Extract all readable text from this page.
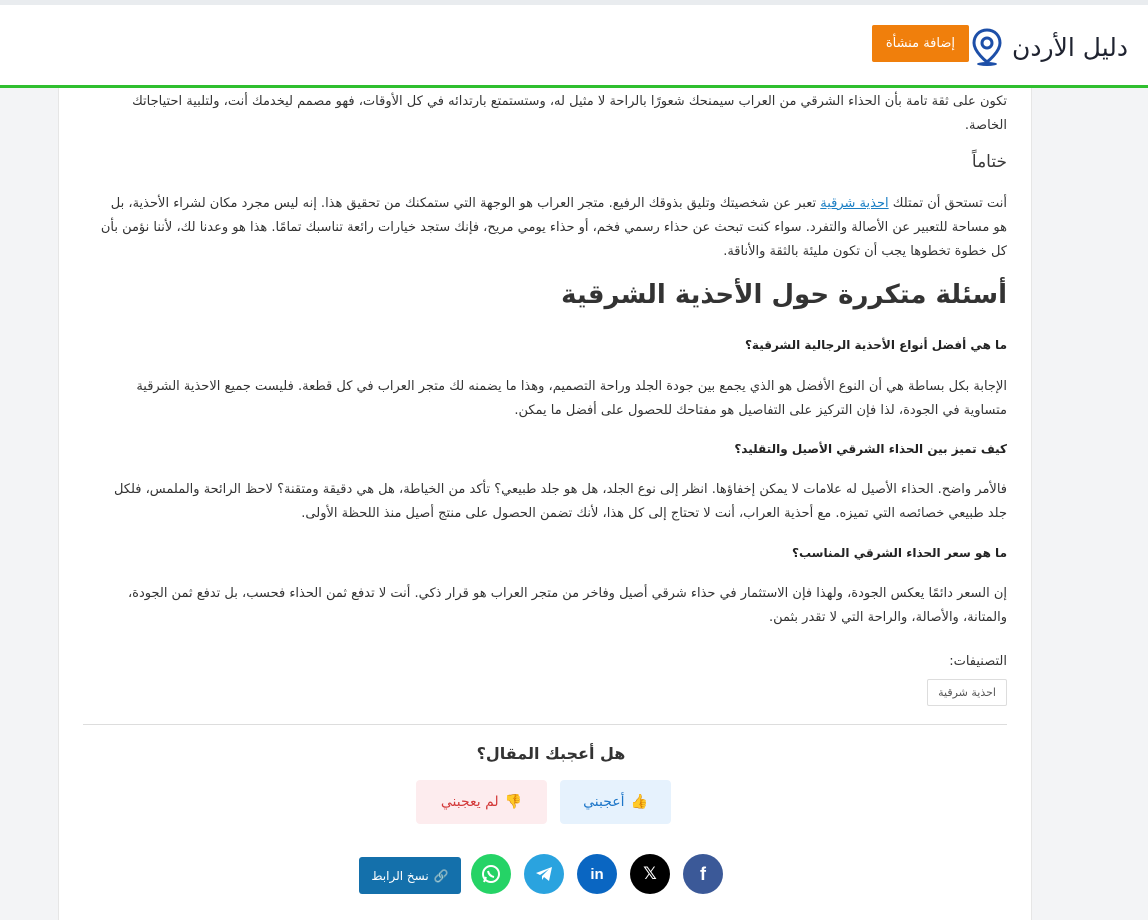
دليل الأردن
إضافة منشأة

تكون على ثقة تامة بأن الحذاء الشرقي من العراب سيمنحك شعورًا بالراحة لا مثيل له، وستستمتع بارتدائه في كل الأوقات، فهو مصمم ليخدمك أنت، ولتلبية احتياجاتك الخاصة.

ختاماً

أنت تستحق أن تمتلك احذية شرقية تعبر عن شخصيتك وتليق بذوقك الرفيع. متجر العراب هو الوجهة التي ستمكنك من تحقيق هذا. إنه ليس مجرد مكان لشراء الأحذية، بل هو مساحة للتعبير عن الأصالة والتفرد. سواء كنت تبحث عن حذاء رسمي فخم، أو حذاء يومي مريح، فإنك ستجد خيارات رائعة تناسبك تمامًا. هذا هو وعدنا لك، لأننا نؤمن بأن كل خطوة تخطوها يجب أن تكون مليئة بالثقة والأناقة.

أسئلة متكررة حول الأحذية الشرقية
ما هي أفضل أنواع الأحذية الرجالية الشرقية؟

الإجابة بكل بساطة هي أن النوع الأفضل هو الذي يجمع بين جودة الجلد وراحة التصميم، وهذا ما يضمنه لك متجر العراب في كل قطعة. فليست جميع الاحذية الشرقية متساوية في الجودة، لذا فإن التركيز على التفاصيل هو مفتاحك للحصول على أفضل ما يمكن.

كيف تميز بين الحذاء الشرقي الأصيل والتقليد؟

فالأمر واضح. الحذاء الأصيل له علامات لا يمكن إخفاؤها. انظر إلى نوع الجلد، هل هو جلد طبيعي؟ تأكد من الخياطة، هل هي دقيقة ومتقنة؟ لاحظ الرائحة والملمس، فلكل جلد طبيعي خصائصه التي تميزه. مع أحذية العراب، أنت لا تحتاج إلى كل هذا، لأنك تضمن الحصول على منتج أصيل منذ اللحظة الأولى.

ما هو سعر الحذاء الشرقي المناسب؟

إن السعر دائمًا يعكس الجودة، ولهذا فإن الاستثمار في حذاء شرقي أصيل وفاخر من متجر العراب هو قرار ذكي. أنت لا تدفع ثمن الحذاء فحسب، بل تدفع ثمن الجودة، والمتانة، والأصالة، والراحة التي لا تقدر بثمن.

التصنيفات:
احذية شرقية
هل أعجبك المقال؟
👍
أعجبني
👎
لم يعجبني
f
𝕏
in
🔗
نسخ الرابط
